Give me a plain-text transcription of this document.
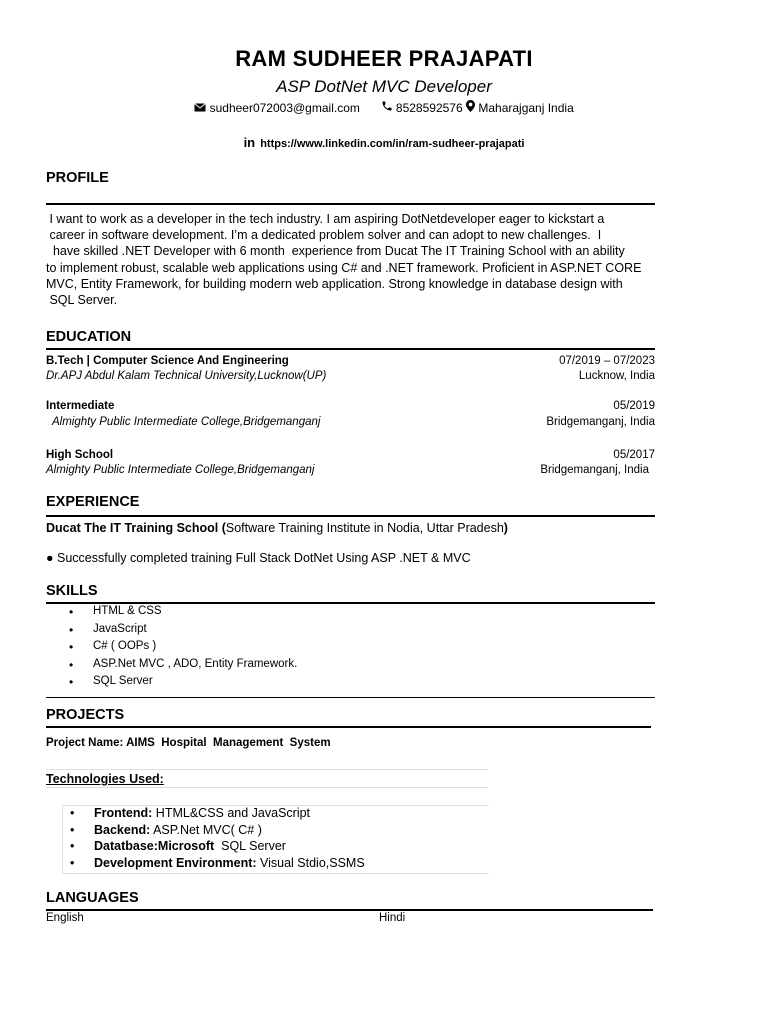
RAM SUDHEER PRAJAPATI
ASP DotNet MVC Developer
sudheer072003@gmail.com	8528592576 Maharajganj India
in https://www.linkedin.com/in/ram-sudheer-prajapati
PROFILE
I want to work as a developer in the tech industry. I am aspiring DotNetdeveloper eager to kickstart a
career in software development. I’m a dedicated problem solver and can adopt to new challenges.  I
have skilled .NET Developer with 6 month  experience from Ducat The IT Training School with an ability
to implement robust, scalable web applications using C# and .NET framework. Proficient in ASP.NET CORE
MVC, Entity Framework, for building modern web application. Strong knowledge in database design with
SQL Server.
EDUCATION
B.Tech | Computer Science And Engineering	07/2019 – 07/2023
Dr.APJ Abdul Kalam Technical University,Lucknow(UP)	Lucknow, India
Intermediate	05/2019
Almighty Public Intermediate College,Bridgemanganj	Bridgemanganj, India
High School	05/2017
Almighty Public Intermediate College,Bridgemanganj	Bridgemanganj, India
EXPERIENCE
Ducat The IT Training School (Software Training Institute in Nodia, Uttar Pradesh)
● Successfully completed training Full Stack DotNet Using ASP .NET & MVC
SKILLS
• HTML & CSS
• JavaScript
• C# ( OOPs )
• ASP.Net MVC , ADO, Entity Framework.
• SQL Server
PROJECTS
Project Name: AIMS  Hospital  Management  System
Technologies Used:
• Frontend: HTML&CSS and JavaScript
• Backend: ASP.Net MVC( C# )
• Datatbase:Microsoft  SQL Server
• Development Environment: Visual Stdio,SSMS
LANGUAGES
English	Hindi
